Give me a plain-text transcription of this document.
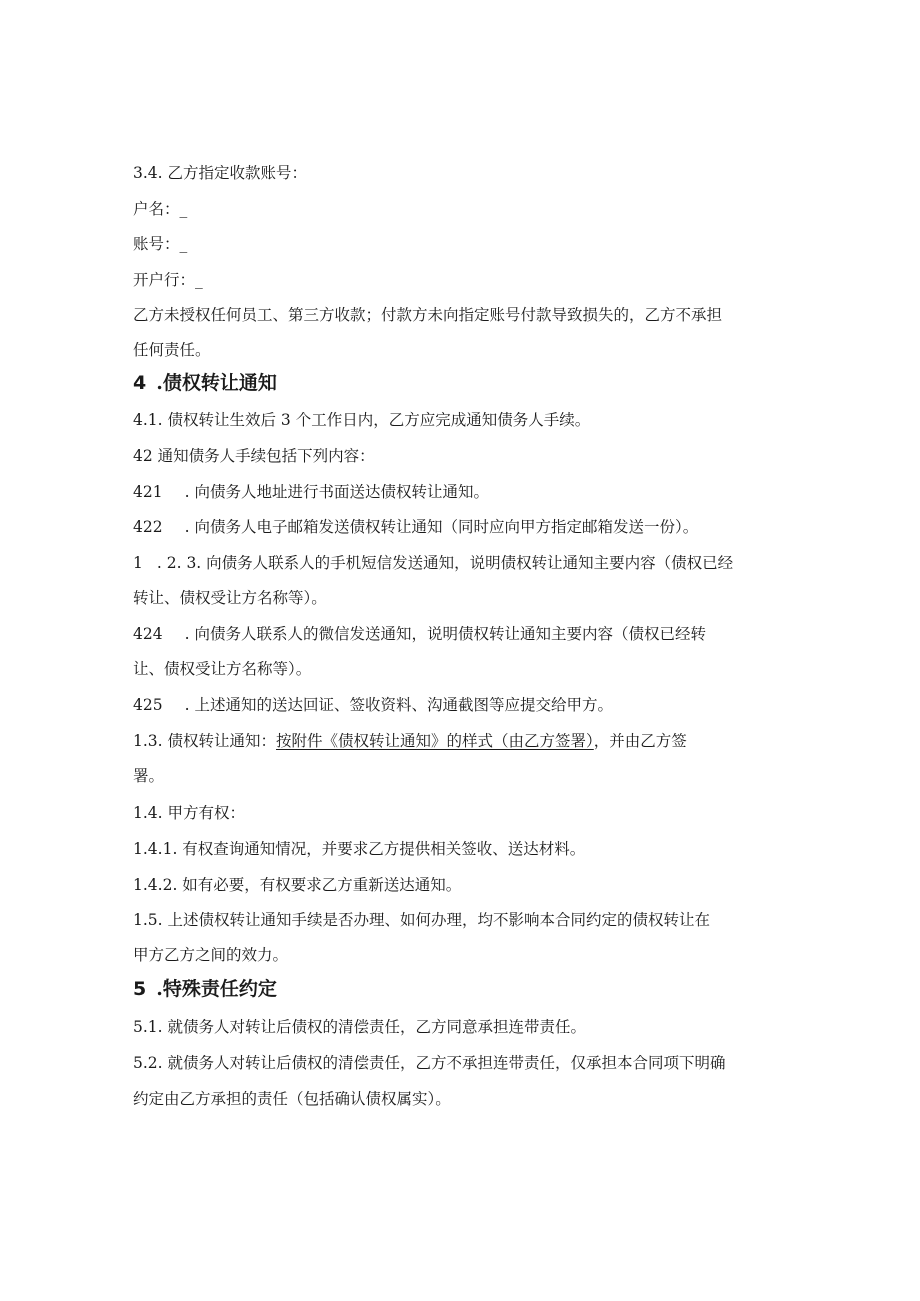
3.4. 乙方指定收款账号：
户名：_
账号：_
开户行：_
乙方未授权任何员工、第三方收款；付款方未向指定账号付款导致损失的，乙方不承担
任何责任。
4 .债权转让通知
4.1. 债权转让生效后 3 个工作日内，乙方应完成通知债务人手续。
42 通知债务人手续包括下列内容：
421 . 向债务人地址进行书面送达债权转让通知。
422 . 向债务人电子邮箱发送债权转让通知（同时应向甲方指定邮箱发送一份）。
1 . 2. 3. 向债务人联系人的手机短信发送通知，说明债权转让通知主要内容（债权已经
转让、债权受让方名称等）。
424 . 向债务人联系人的微信发送通知，说明债权转让通知主要内容（债权已经转
让、债权受让方名称等）。
425 . 上述通知的送达回证、签收资料、沟通截图等应提交给甲方。
1.3. 债权转让通知：按附件《债权转让通知》的样式（由乙方签署），并由乙方签
署。
1.4. 甲方有权：
1.4.1. 有权查询通知情况，并要求乙方提供相关签收、送达材料。
1.4.2. 如有必要，有权要求乙方重新送达通知。
1.5. 上述债权转让通知手续是否办理、如何办理，均不影响本合同约定的债权转让在
甲方乙方之间的效力。
5 .特殊责任约定
5.1. 就债务人对转让后债权的清偿责任，乙方同意承担连带责任。
5.2. 就债务人对转让后债权的清偿责任，乙方不承担连带责任，仅承担本合同项下明确
约定由乙方承担的责任（包括确认债权属实）。
